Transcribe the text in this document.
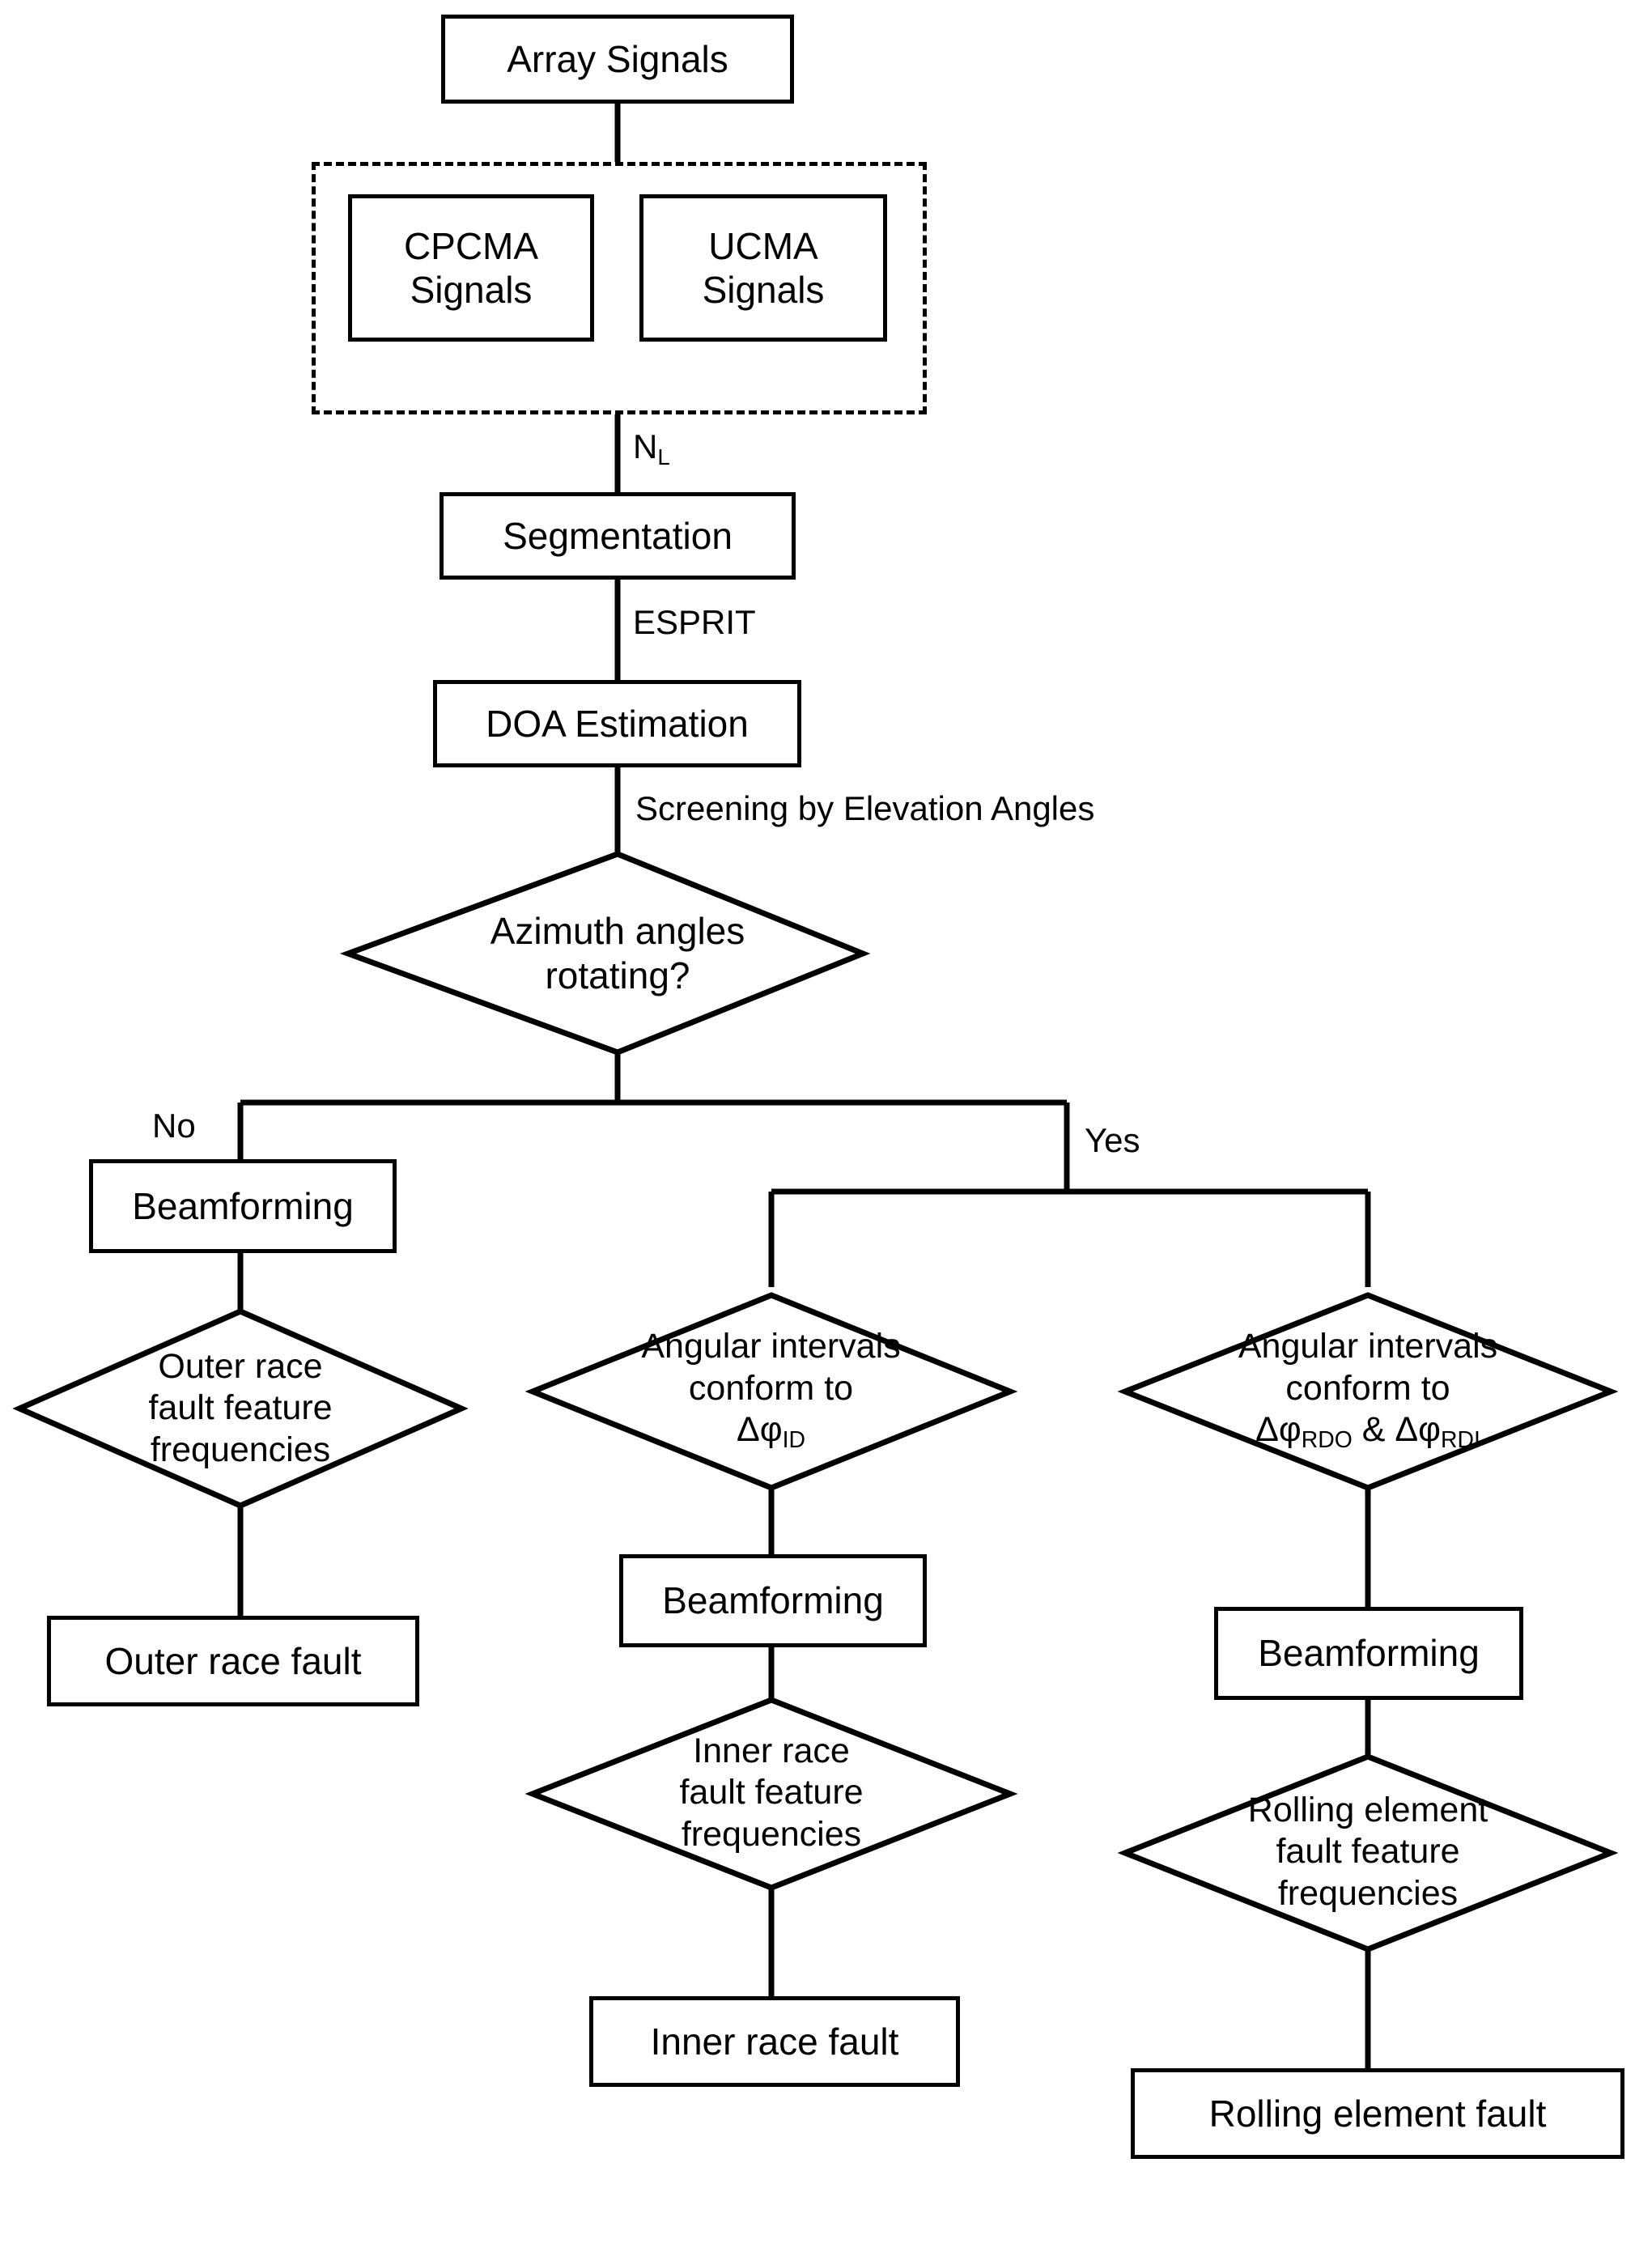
Array Signals
CPCMA
Signals
UCMA
Signals
Segmentation
DOA Estimation
Beamforming
Outer race fault
Beamforming
Inner race fault
Beamforming
Rolling element fault
Azimuth angles
rotating?
Outer race
fault feature
frequencies
Angular intervals
conform to
$\Delta\varphi_{ID}$
Inner race
fault feature
frequencies
Angular intervals
conform to
$\Delta\varphi_{RDO}$ & $\Delta\varphi_{RDI}$
Rolling element
fault feature
frequencies
$N_L$
ESPRIT
Screening by Elevation Angles
No	Yes
